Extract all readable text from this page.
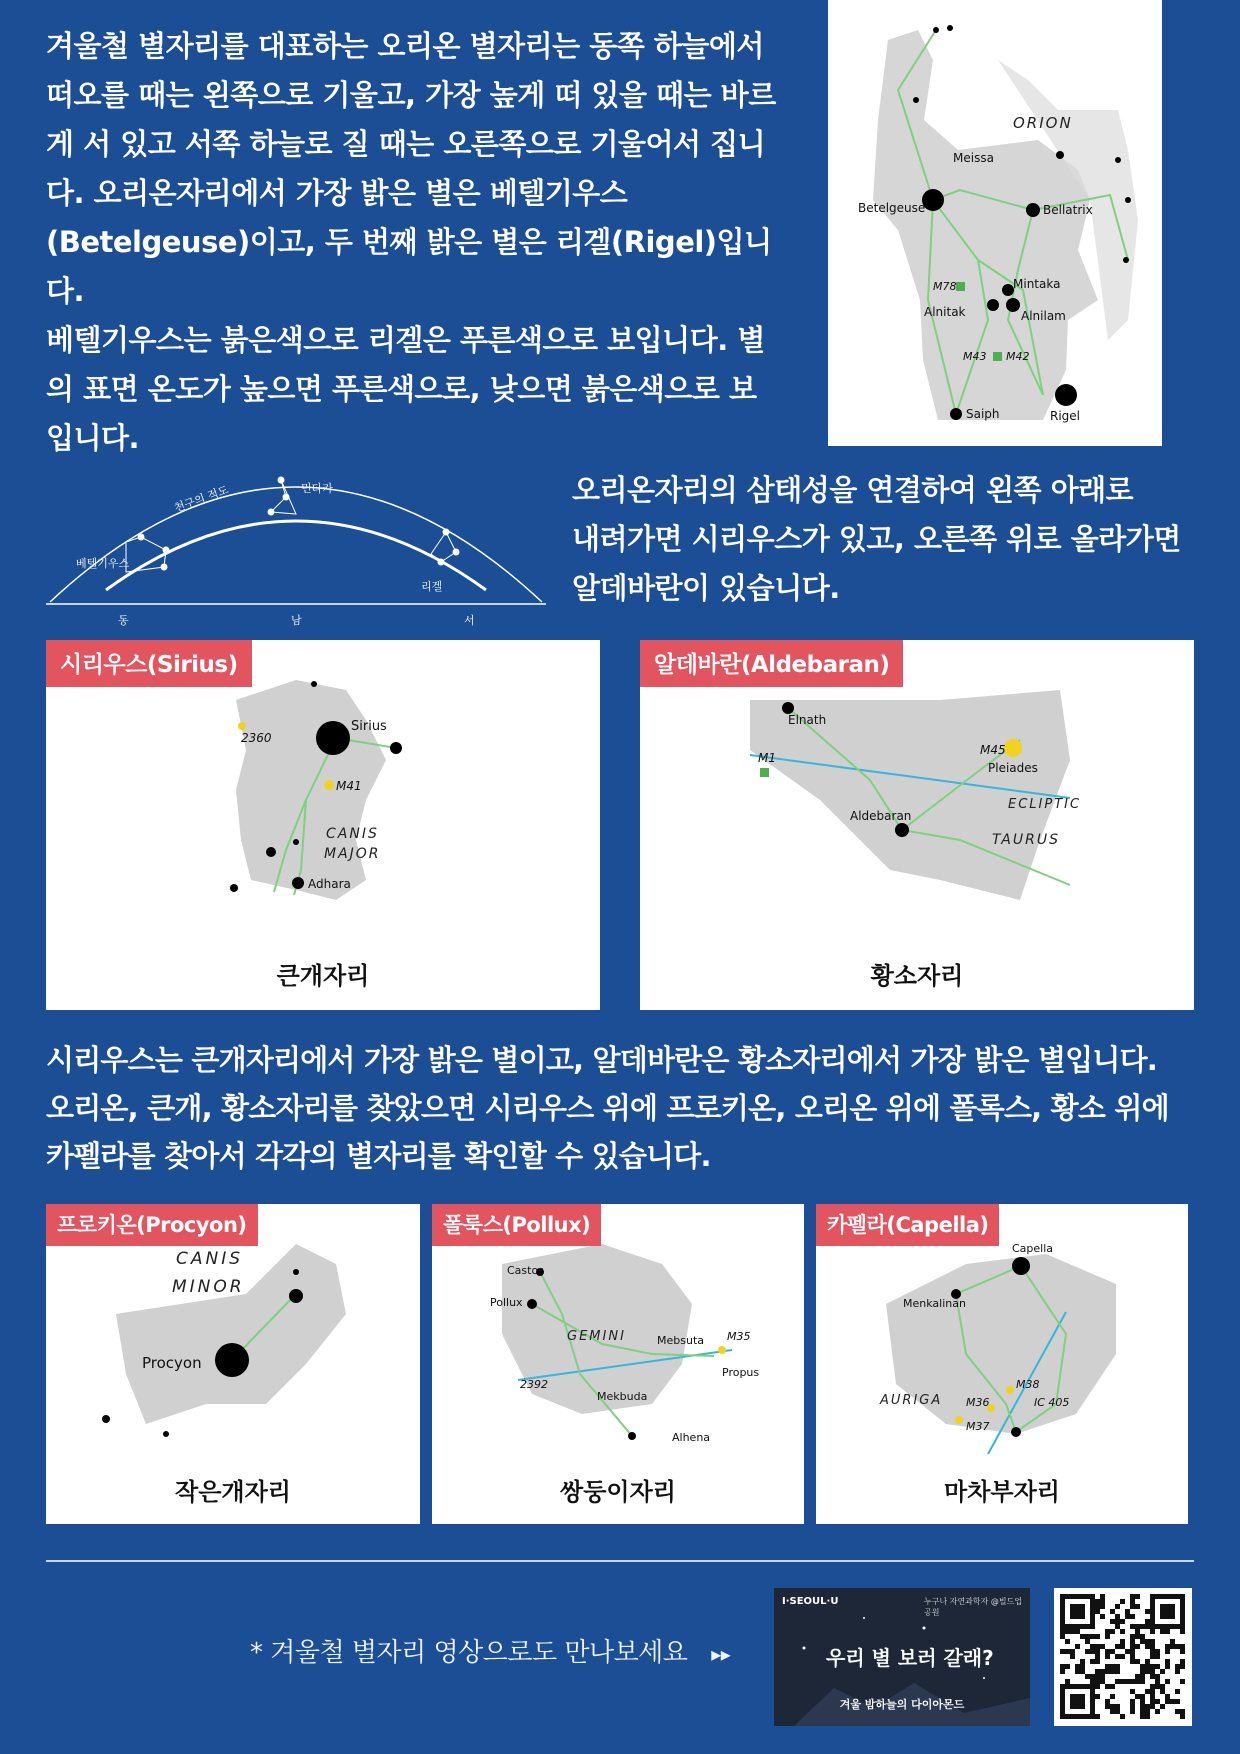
겨울철 별자리를 대표하는 오리온 별자리는 동쪽 하늘에서
떠오를 때는 왼쪽으로 기울고, 가장 높게 떠 있을 때는 바르
게 서 있고 서쪽 하늘로 질 때는 오른쪽으로 기울어서 집니
다. 오리온자리에서 가장 밝은 별은 베텔기우스
(Betelgeuse)이고, 두 번째 밝은 별은 리겔(Rigel)입니다.
베텔기우스는 붉은색으로 리겔은 푸른색으로 보입니다. 별
의 표면 온도가 높으면 푸른색으로, 낮으면 붉은색으로 보
입니다.
ORION
Meissa
Betelgeuse	Bellatrix
Mintaka
Alnitak	Alnilam
Saiph	Rigel
M78
M43 M42
천구의 적도	민타카
베텔기우스
리겔
동	남	서
오리온자리의 삼태성을 연결하여 왼쪽 아래로
내려가면 시리우스가 있고, 오른쪽 위로 올라가면
알데바란이 있습니다.
Sirius
Adhara
M41
2360
CANIS
MAJOR
시리우스(Sirius)
큰개자리
Elnath
Aldebaran
Pleiades
M1
M45
ECLIPTIC
TAURUS
알데바란(Aldebaran)
황소자리
시리우스는 큰개자리에서 가장 밝은 별이고, 알데바란은 황소자리에서 가장 밝은 별입니다.
오리온, 큰개, 황소자리를 찾았으면 시리우스 위에 프로키온, 오리온 위에 폴록스, 황소 위에
카펠라를 찾아서 각각의 별자리를 확인할 수 있습니다.
CANIS
MINOR
Procyon
프로키온(Procyon)
작은개자리
Castor
Pollux
Mebsuta
Mekbuda
Alhena
Propus
M35
2392
GEMINI
폴룩스(Pollux)
쌍둥이자리
Capella
Menkalinan
M36
M37
M38
IC 405
AURIGA
카펠라(Capella)
마차부자리
* 겨울철 별자리 영상으로도 만나보세요 ▸▸
I·SEOUL·U	누구나 자연과학자 @빌드업공원
우리 별 보러 갈래?
겨울 밤하늘의 다이아몬드
